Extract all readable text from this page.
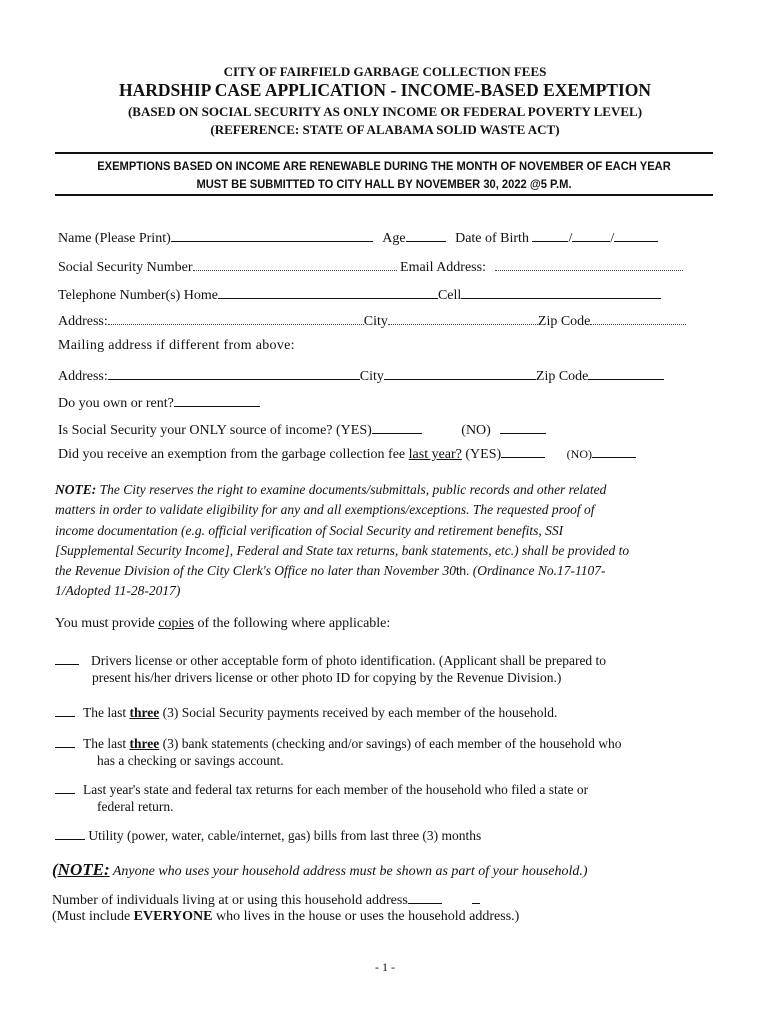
CITY OF FAIRFIELD GARBAGE COLLECTION FEES
HARDSHIP CASE APPLICATION - INCOME-BASED EXEMPTION
(BASED ON SOCIAL SECURITY AS ONLY INCOME OR FEDERAL POVERTY LEVEL)
(REFERENCE: STATE OF ALABAMA SOLID WASTE ACT)
EXEMPTIONS BASED ON INCOME ARE RENEWABLE DURING THE MONTH OF NOVEMBER OF EACH YEAR
MUST BE SUBMITTED TO CITY HALL BY NOVEMBER 30, 2022 @5 P.M.
Name (Please Print)	Age	Date of Birth	/	/
Social Security Number	Email Address:
Telephone Number(s) Home	Cell
Address:	City	Zip Code
Mailing address if different from above:
Address:	City	Zip Code
Do you own or rent?
Is Social Security your ONLY source of income? (YES)	(NO)
Did you receive an exemption from the garbage collection fee last year? (YES)	(NO)
NOTE: The City reserves the right to examine documents/submittals, public records and other related
matters in order to validate eligibility for any and all exemptions/exceptions. The requested proof of
income documentation (e.g. official verification of Social Security and retirement benefits, SSI
[Supplemental Security Income], Federal and State tax returns, bank statements, etc.) shall be provided to
the Revenue Division of the City Clerk's Office no later than November 30th. (Ordinance No.17-1107-
1/Adopted 11-28-2017)
You must provide copies of the following where applicable:
Drivers license or other acceptable form of photo identification. (Applicant shall be prepared to
present his/her drivers license or other photo ID for copying by the Revenue Division.)
The last three (3) Social Security payments received by each member of the household.
The last three (3) bank statements (checking and/or savings) of each member of the household who
has a checking or savings account.
Last year's state and federal tax returns for each member of the household who filed a state or
federal return.
Utility (power, water, cable/internet, gas) bills from last three (3) months
(NOTE: Anyone who uses your household address must be shown as part of your household.)
Number of individuals living at or using this household address
(Must include EVERYONE who lives in the house or uses the household address.)
- 1 -
